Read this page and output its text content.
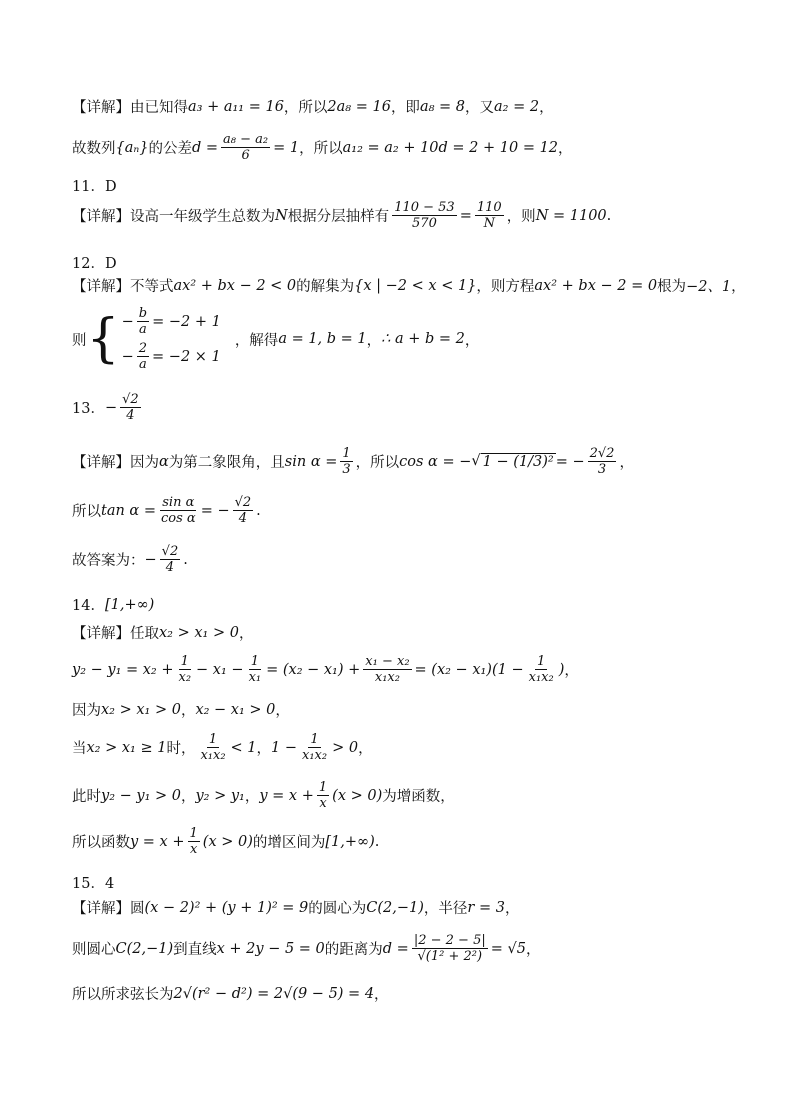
【详解】 由已知得 a₃ + a₁₁ = 16 ，所以 2a₈ = 16 ，即 a₈ = 8 ，又 a₂ = 2 ，
故数列 {aₙ} 的公差 $d = \frac{\text{a₈ − a₂}}{6} = 1$ ，所以 a₁₂ = a₂ + 10d = 2 + 10 = 12 ，
11．D
【详解】 设高一年级学生总数为 N 根据分层抽样有 $\frac{110 - 53}{570} = \frac{110}{N}$ ，则 N = 1100 .
12．D
【详解】 不等式 ax² + bx − 2 < 0 的解集为 {x | −2 < x < 1} ，则方程 ax² + bx − 2 = 0 根为 −2、1 ，
则 { − $\frac{b}{a} = -2 + 1$
− $\frac{2}{a} = -2 \times 1$
，解得 a = 1, b = 1 ， ∴ a + b = 2 ，
13． − $\frac{√2}{4}$
【详解】 因为 α 为第二象限角，且 $\sin \alpha = \frac{1}{3}$ ，所以 cos α = − √ 1 − (1/3)² = − $\frac{2√2}{3}$ ，
所以 $\tan \alpha = \frac{\text{sin α}}{\text{cos α}}$ = − $\frac{√2}{4}$ .
故答案为： − $\frac{√2}{4}$ .
14． [1,+∞)
【详解】 任取 x₂ > x₁ > 0 ，
$y_2 - y_1 = x_2 + \frac{1}{\text{x₂}} - x_1 - \frac{1}{\text{x₁}} = (x_2 - x_1) + \frac{\text{x₁ − x₂}}{\text{x₁x₂}} = (x_2 - x_1)(1 - \frac{1}{\text{x₁x₂}}$ ) ，
因为 x₂ > x₁ > 0 ， x₂ − x₁ > 0 ，
当 x₂ > x₁ ≥ 1 时， $\frac{1}{\text{x₁x₂}} < 1$ ， $1 - \frac{1}{\text{x₁x₂}} > 0$ ，
此时 y₂ − y₁ > 0 ， y₂ > y₁ ， $y = x + \frac{1}{x} (x > 0)$ 为增函数，
所以函数 $y = x + \frac{1}{x} (x > 0)$ 的增区间为 [1,+∞) .
15．4
【详解】 圆 (x − 2)² + (y + 1)² = 9 的圆心为 C(2,−1) ，半径 r = 3 ，
则圆心 C(2,−1) 到直线 x + 2y − 5 = 0 的距离为 $d = \frac{|2 - 2 - 5|}{\text{√(1² + 2²)}} = √5$ ，
所以所求弦长为 2√(r² − d²) = 2√(9 − 5) = 4 ，
